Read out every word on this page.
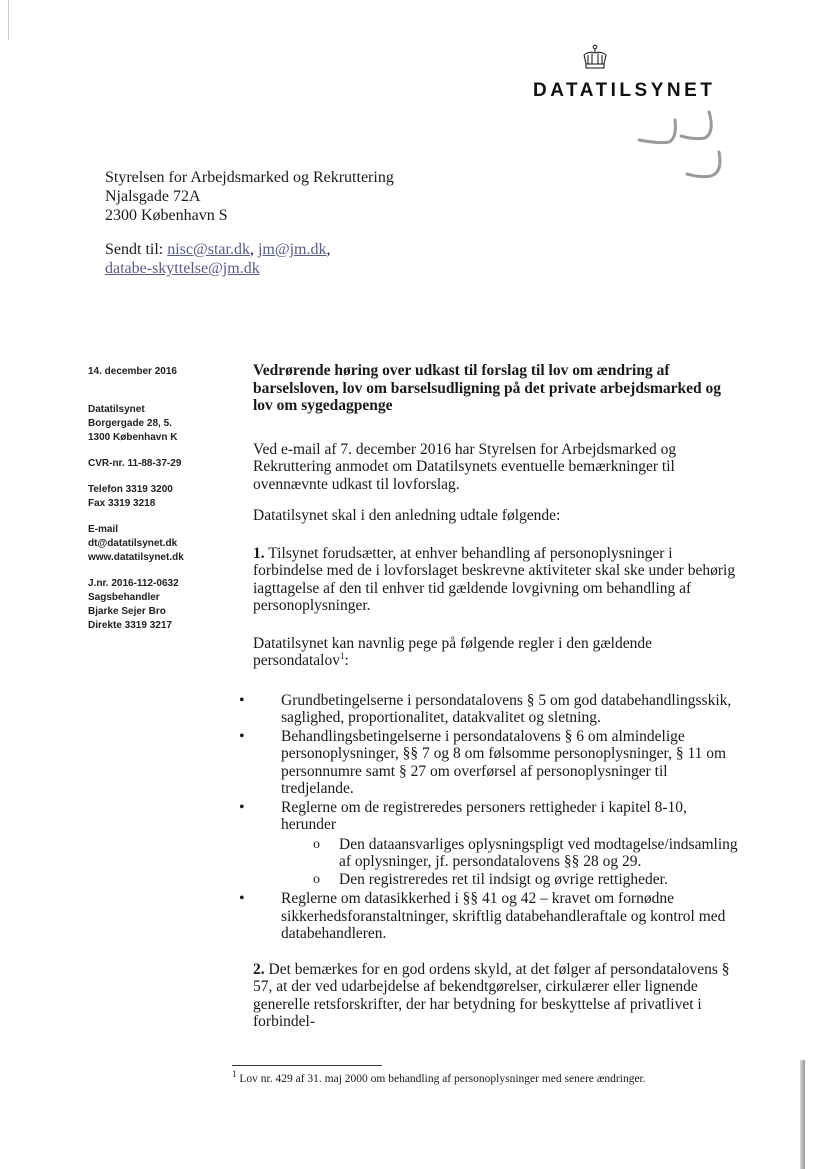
DATATILSYNET
Styrelsen for Arbejdsmarked og Rekruttering
Njalsgade 72A
2300 København S
Sendt til: nisc@star.dk, jm@jm.dk, databe-skyttelse@jm.dk
14. december 2016
Datatilsynet
Borgergade 28, 5.
1300 København K
CVR-nr. 11-88-37-29
Telefon 3319 3200
Fax 3319 3218
E-mail
dt@datatilsynet.dk
www.datatilsynet.dk
J.nr. 2016-112-0632
Sagsbehandler
Bjarke Sejer Bro
Direkte 3319 3217
Vedrørende høring over udkast til forslag til lov om ændring af barselsloven, lov om barselsudligning på det private arbejdsmarked og lov om sygedagpenge

Ved e-mail af 7. december 2016 har Styrelsen for Arbejdsmarked og Rekruttering anmodet om Datatilsynets eventuelle bemærkninger til ovennævnte udkast til lovforslag.

Datatilsynet skal i den anledning udtale følgende:

1. Tilsynet forudsætter, at enhver behandling af personoplysninger i forbindelse med de i lovforslaget beskrevne aktiviteter skal ske under behørig iagttagelse af den til enhver tid gældende lovgivning om behandling af personoplysninger.

Datatilsynet kan navnlig pege på følgende regler i den gældende persondatalov$^1$:

• Grundbetingelserne i persondatalovens § 5 om god databehandlingsskik, saglighed, proportionalitet, datakvalitet og sletning.
• Behandlingsbetingelserne i persondatalovens § 6 om almindelige personoplysninger, §§ 7 og 8 om følsomme personoplysninger, § 11 om personnumre samt § 27 om overførsel af personoplysninger til tredjelande.
• Reglerne om de registreredes personers rettigheder i kapitel 8-10, herunder
o Den dataansvarliges oplysningspligt ved modtagelse/indsamling af oplysninger, jf. persondatalovens §§ 28 og 29.
o Den registreredes ret til indsigt og øvrige rettigheder.
• Reglerne om datasikkerhed i §§ 41 og 42 – kravet om fornødne sikkerhedsforanstaltninger, skriftlig databehandleraftale og kontrol med databehandleren.

2. Det bemærkes for en god ordens skyld, at det følger af persondatalovens § 57, at der ved udarbejdelse af bekendtgørelser, cirkulærer eller lignende generelle retsforskrifter, der har betydning for beskyttelse af privatlivet i forbindel-

$^1$ Lov nr. 429 af 31. maj 2000 om behandling af personoplysninger med senere ændringer.
